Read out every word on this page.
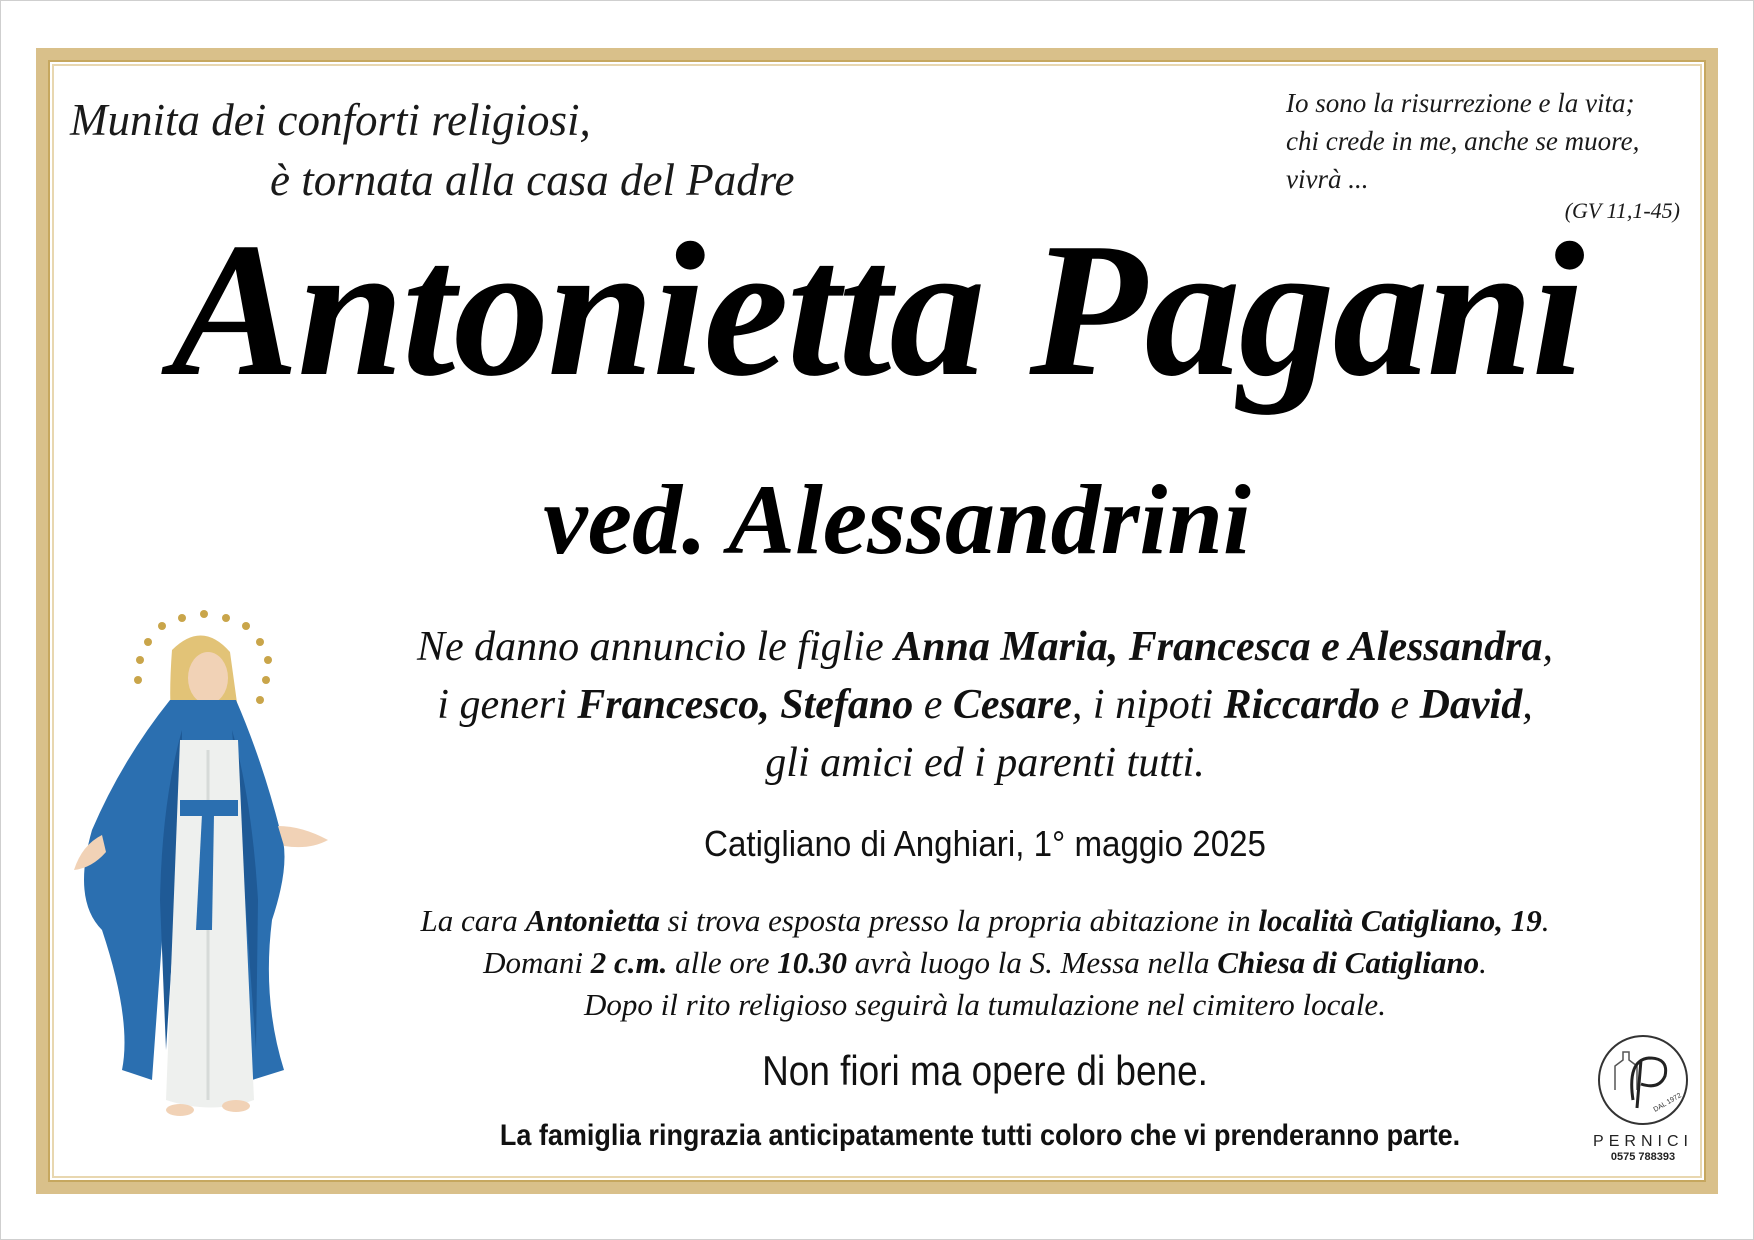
Munita dei conforti religiosi,
è tornata alla casa del Padre
Io sono la risurrezione e la vita;
chi crede in me, anche se muore,
vivrà ...
(GV 11,1-45)
Antonietta Pagani
ved. Alessandrini
Ne danno annuncio le figlie Anna Maria, Francesca e Alessandra,
i generi Francesco, Stefano e Cesare, i nipoti Riccardo e David,
gli amici ed i parenti tutti.
Catigliano di Anghiari, 1° maggio 2025
La cara Antonietta si trova esposta presso la propria abitazione in località Catigliano, 19.
Domani 2 c.m. alle ore 10.30 avrà luogo la S. Messa nella Chiesa di Catigliano.
Dopo il rito religioso seguirà la tumulazione nel cimitero locale.
Non fiori ma opere di bene.
La famiglia ringrazia anticipatamente tutti coloro che vi prenderanno parte.
DAL 1972
PERNICI
0575 788393
